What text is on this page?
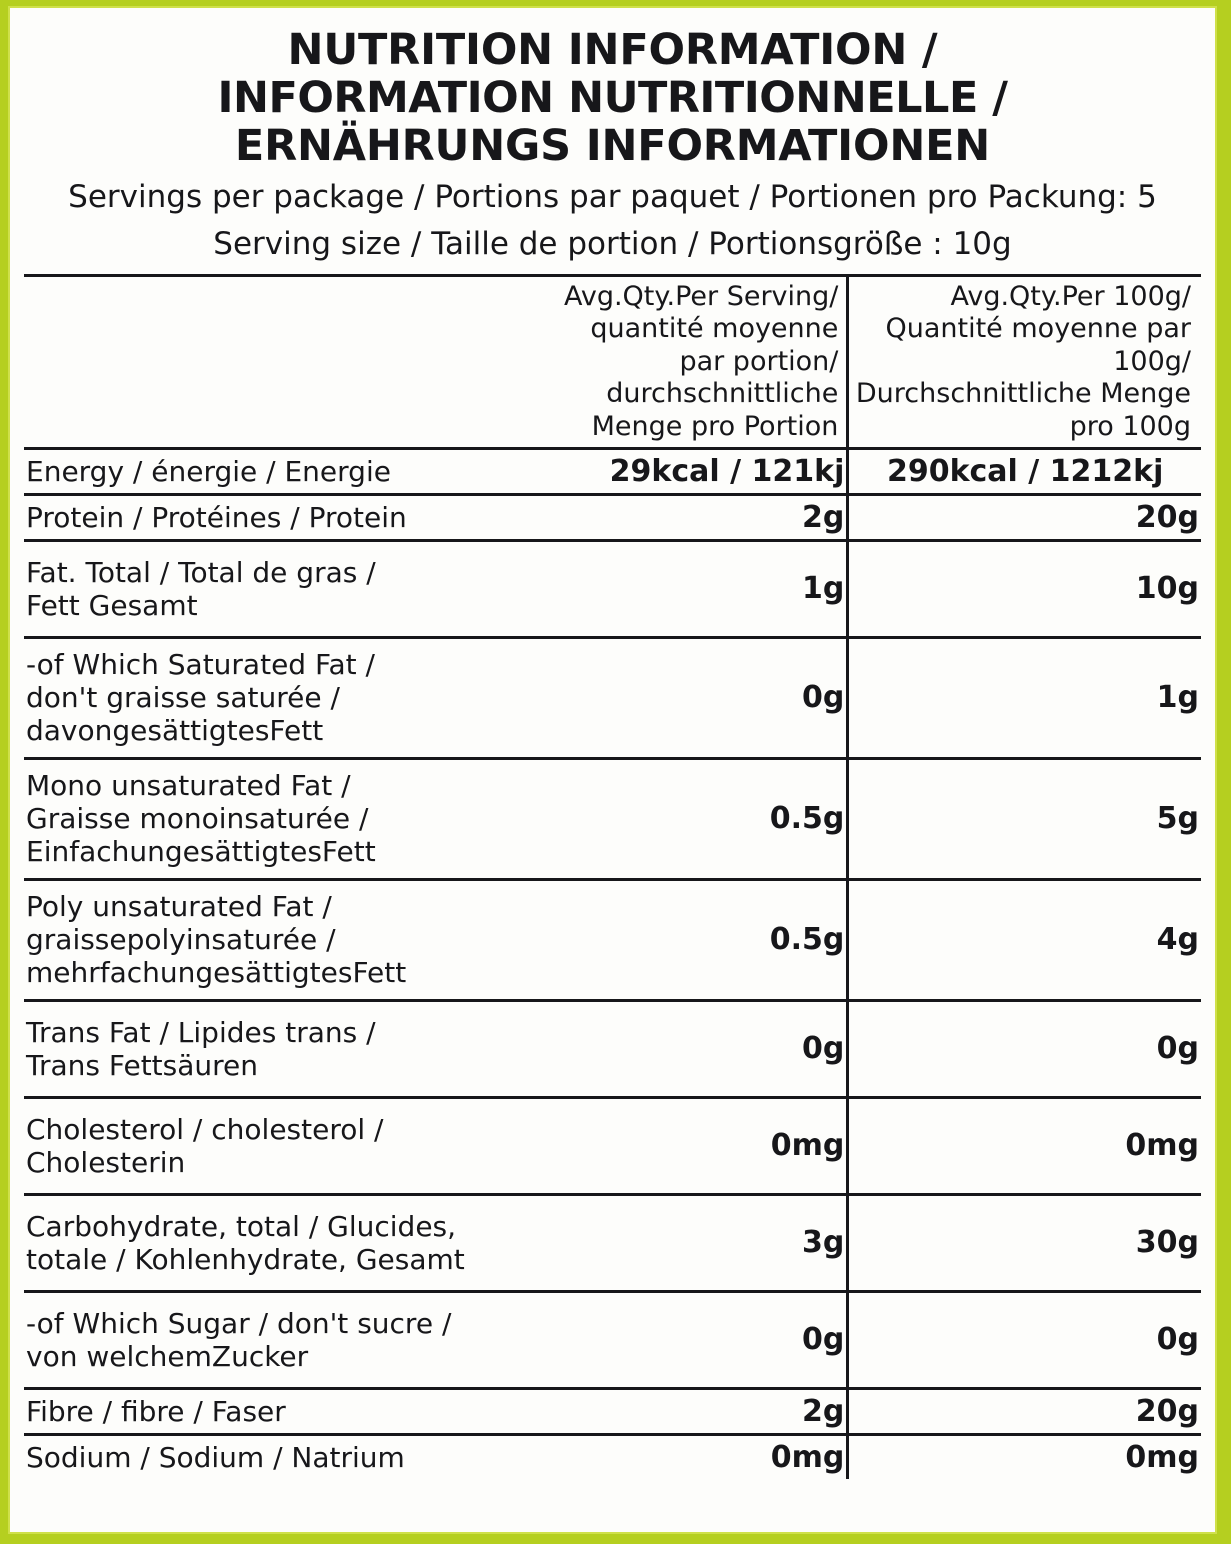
NUTRITION INFORMATION /
INFORMATION NUTRITIONNELLE /
ERNÄHRUNGS INFORMATIONEN
Servings per package / Portions par paquet / Portionen pro Packung: 5
Serving size / Taille de portion / Portionsgröße : 10g

Avg.Qty.Per Serving/
quantité moyenne par portion/
durchschnittliche Menge pro Portion

Avg.Qty.Per 100g/
Quantité moyenne par 100g/
Durchschnittliche Menge
pro 100g

Energy / énergie / Energie	29kcal / 121kj	290kcal / 1212kj
Protein / Protéines / Protein	2g	20g

Fat. Total / Total de gras /
Fett Gesamt	1g	10g

-of Which Saturated Fat /
don't graisse saturée /
davongesättigtesFett	0g	1g

Mono unsaturated Fat /
Graisse monoinsaturée /
EinfachungesättigtesFett	0.5g	5g

Poly unsaturated Fat /
graissepolyinsaturée /
mehrfachungesättigtesFett	0.5g	4g

Trans Fat / Lipides trans /
Trans Fettsäuren	0g	0g

Cholesterol / cholesterol /
Cholesterin	0mg	0mg

Carbohydrate, total / Glucides,
totale / Kohlenhydrate, Gesamt	3g	30g

-of Which Sugar / don't sucre /
von welchemZucker	0g	0g
Fibre / fibre / Faser	2g	20g
Sodium / Sodium / Natrium	0mg	0mg
